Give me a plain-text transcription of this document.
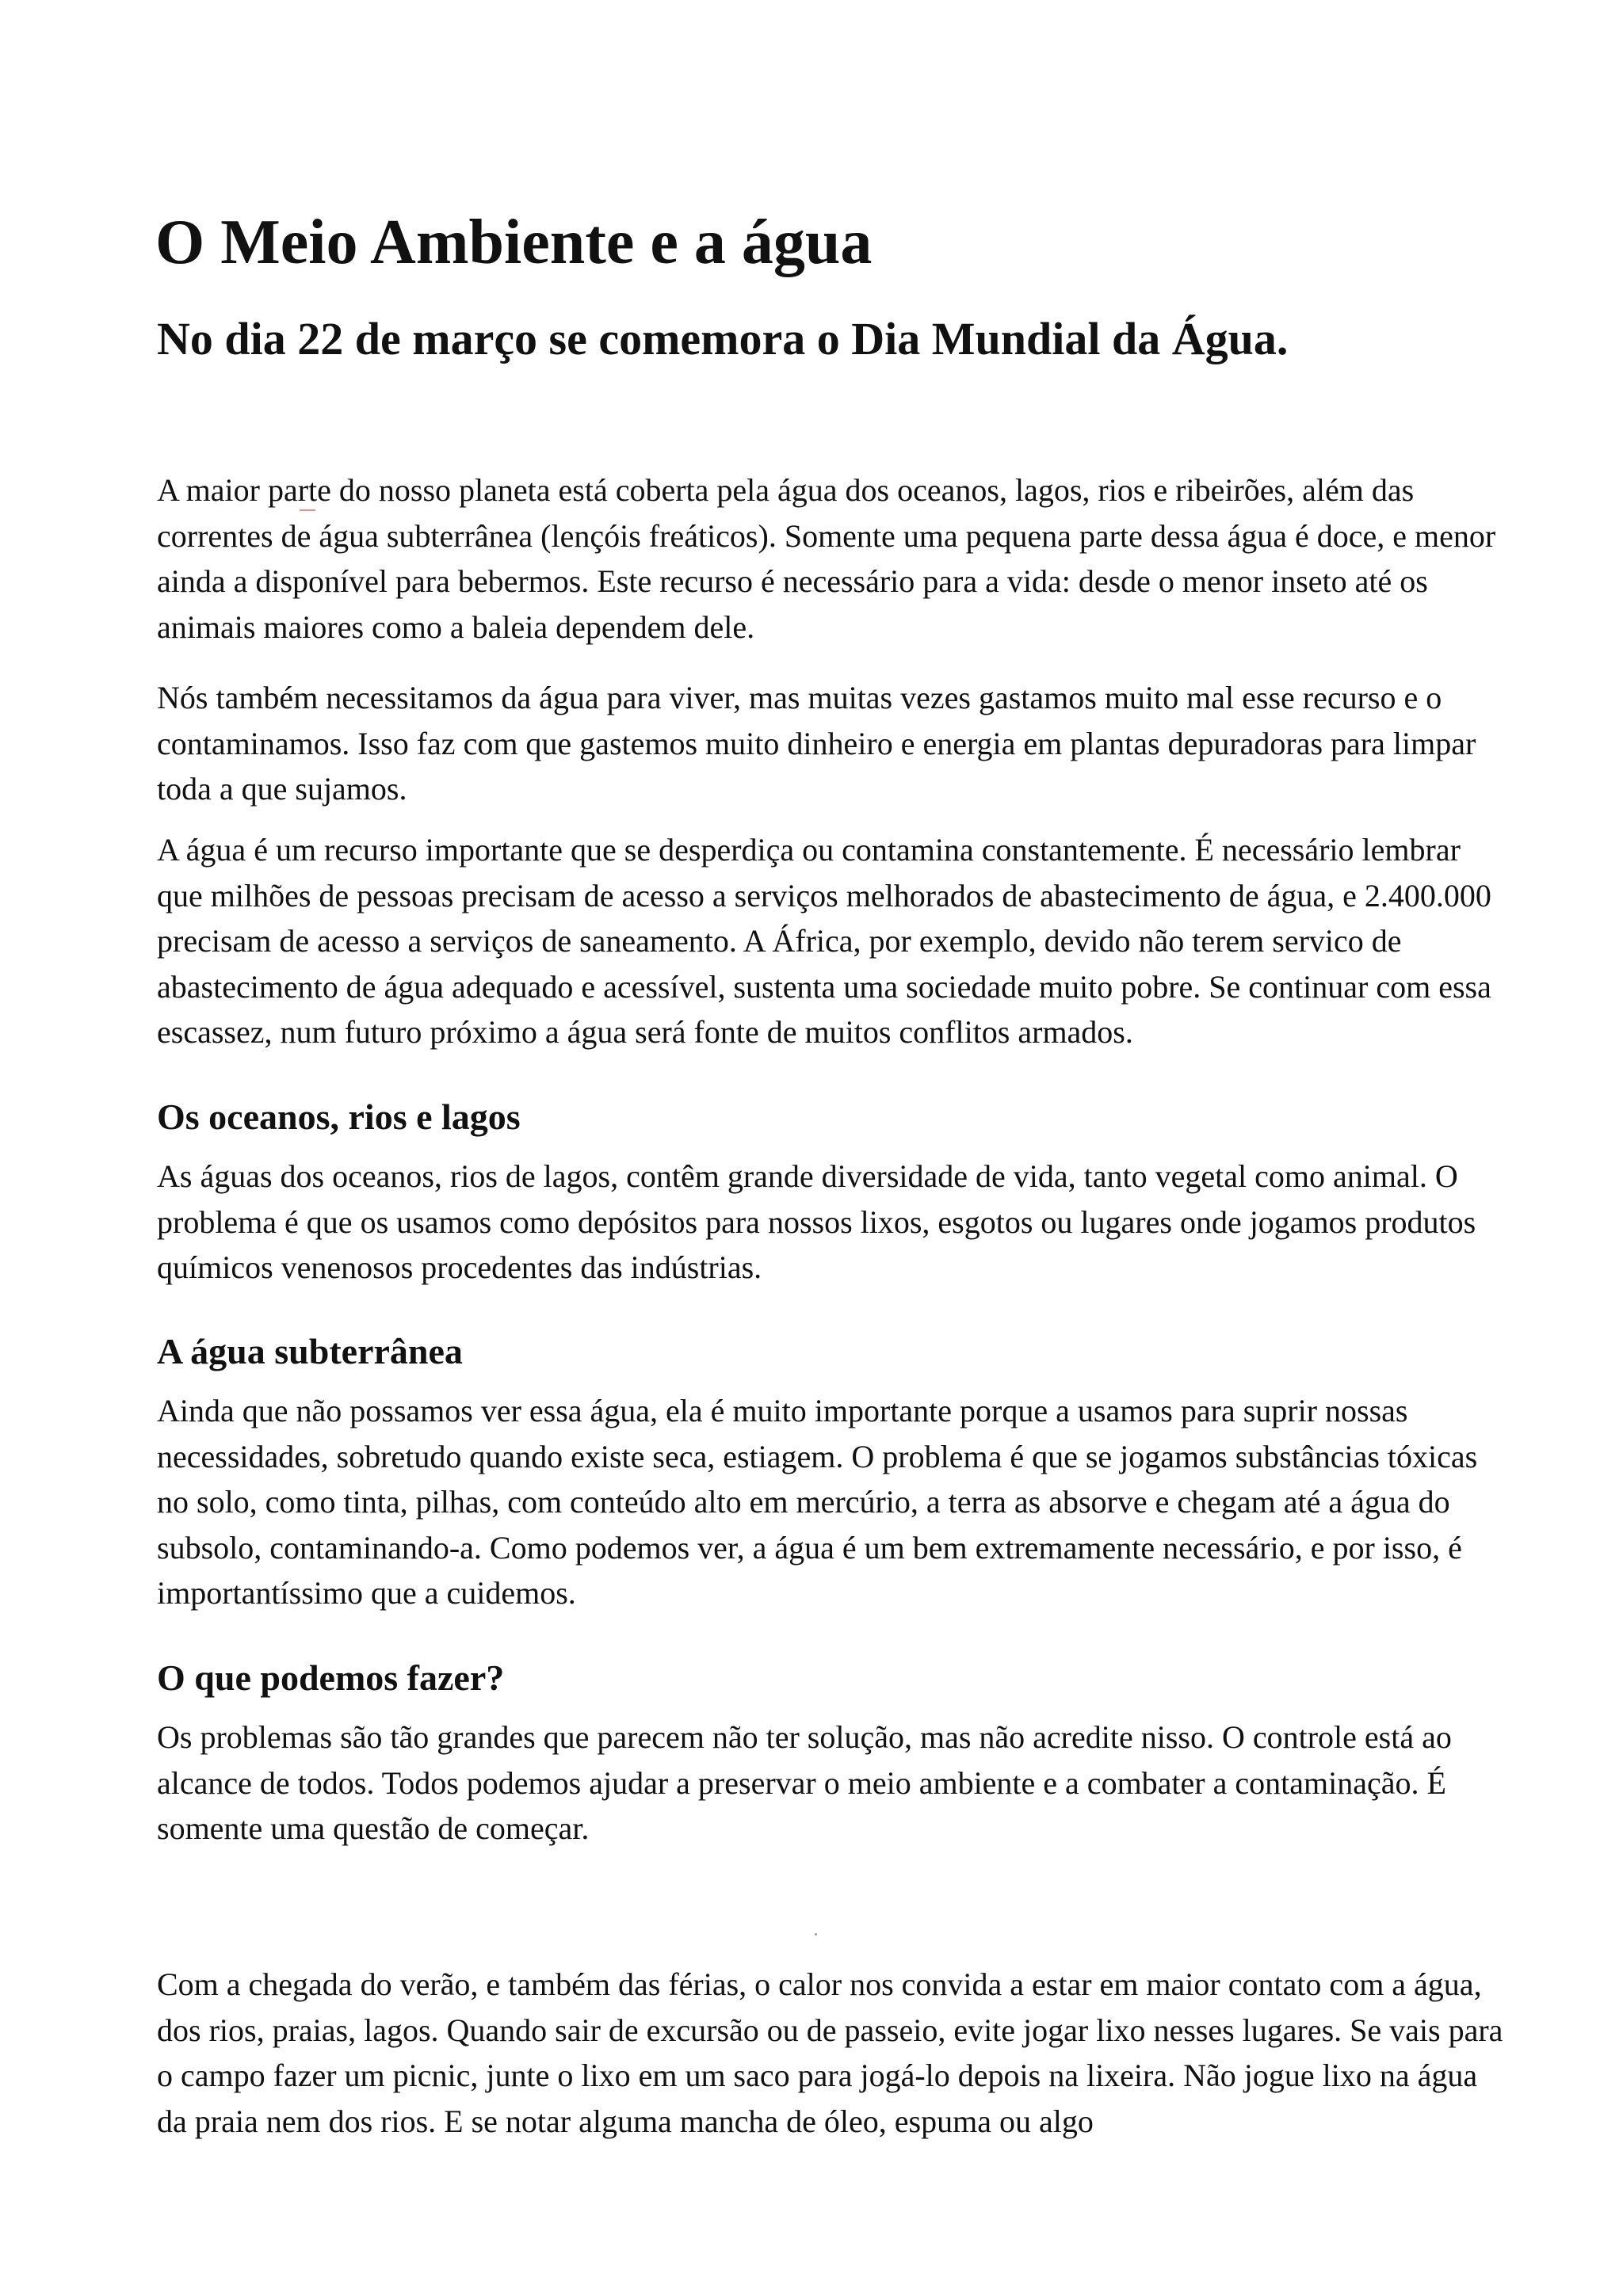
O Meio Ambiente e a água
No dia 22 de março se comemora o Dia Mundial da Água.

A maior parte do nosso planeta está coberta pela água dos oceanos, lagos, rios e ribeirões, além das correntes de água subterrânea (lençóis freáticos). Somente uma pequena parte dessa água é doce, e menor ainda a disponível para bebermos. Este recurso é necessário para a vida: desde o menor inseto até os animais maiores como a baleia dependem dele.

Nós também necessitamos da água para viver, mas muitas vezes gastamos muito mal esse recurso e o contaminamos. Isso faz com que gastemos muito dinheiro e energia em plantas depuradoras para limpar toda a que sujamos.

A água é um recurso importante que se desperdiça ou contamina constantemente. É necessário lembrar que milhões de pessoas precisam de acesso a serviços melhorados de abastecimento de água, e 2.400.000 precisam de acesso a serviços de saneamento. A África, por exemplo, devido não terem servico de abastecimento de água adequado e acessível, sustenta uma sociedade muito pobre. Se continuar com essa escassez, num futuro próximo a água será fonte de muitos conflitos armados.

Os oceanos, rios e lagos

As águas dos oceanos, rios de lagos, contêm grande diversidade de vida, tanto vegetal como animal. O problema é que os usamos como depósitos para nossos lixos, esgotos ou lugares onde jogamos produtos químicos venenosos procedentes das indústrias.

A água subterrânea

Ainda que não possamos ver essa água, ela é muito importante porque a usamos para suprir nossas necessidades, sobretudo quando existe seca, estiagem. O problema é que se jogamos substâncias tóxicas no solo, como tinta, pilhas, com conteúdo alto em mercúrio, a terra as absorve e chegam até a água do subsolo, contaminando-a. Como podemos ver, a água é um bem extremamente necessário, e por isso, é importantíssimo que a cuidemos.

O que podemos fazer?

Os problemas são tão grandes que parecem não ter solução, mas não acredite nisso. O controle está ao alcance de todos. Todos podemos ajudar a preservar o meio ambiente e a combater a contaminação. É somente uma questão de começar.

Com a chegada do verão, e também das férias, o calor nos convida a estar em maior contato com a água, dos rios, praias, lagos. Quando sair de excursão ou de passeio, evite jogar lixo nesses lugares. Se vais para o campo fazer um picnic, junte o lixo em um saco para jogá-lo depois na lixeira. Não jogue lixo na água da praia nem dos rios. E se notar alguma mancha de óleo, espuma ou algo
